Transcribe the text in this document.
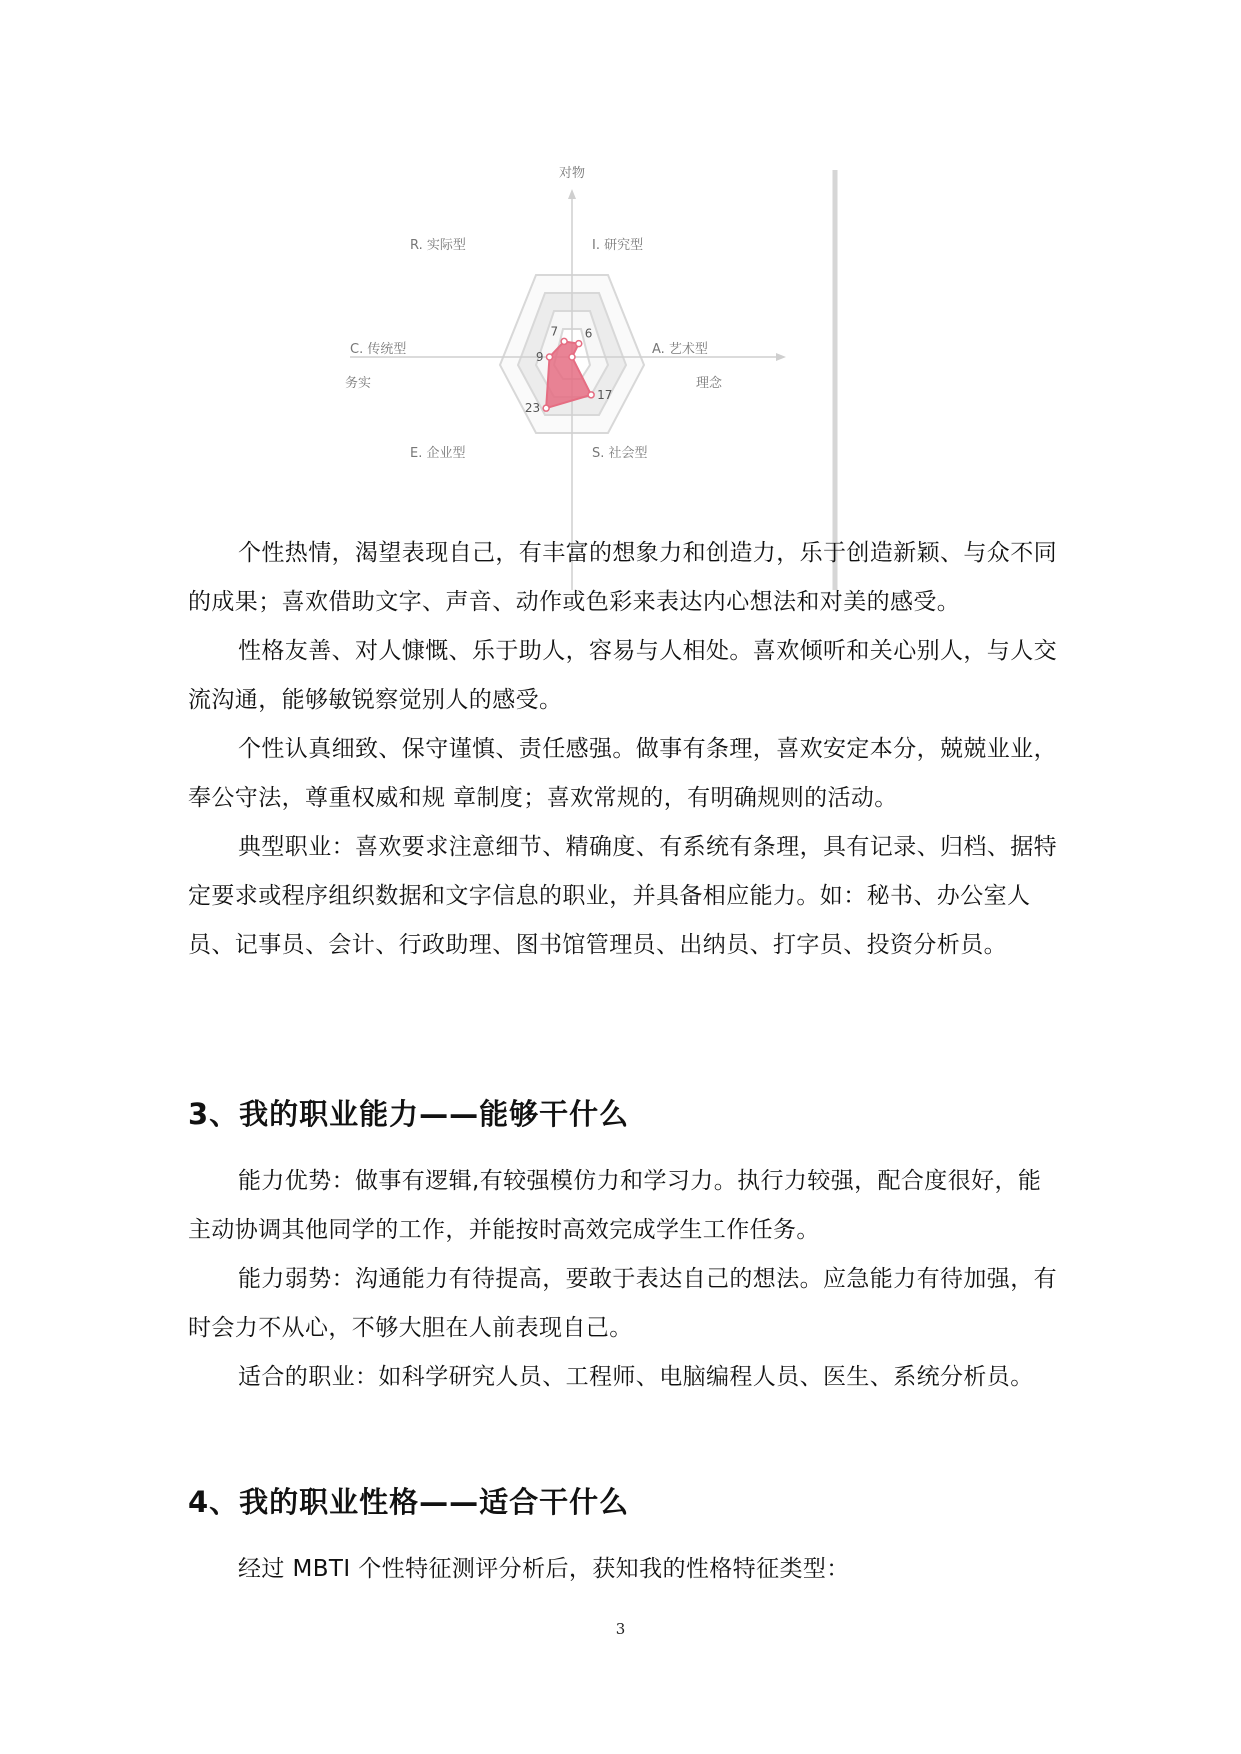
6
17
23
9
7
对物
务实	理念
I. 研究型
A. 艺术型
S. 社会型
E. 企业型
C. 传统型
R. 实际型

个性热情，渴望表现自己，有丰富的想象力和创造力，乐于创造新颖、与众不同的成果；喜欢借助文字、声音、动作或色彩来表达内心想法和对美的感受。

性格友善、对人慷慨、乐于助人，容易与人相处。喜欢倾听和关心别人，与人交流沟通，能够敏锐察觉别人的感受。

个性认真细致、保守谨慎、责任感强。做事有条理，喜欢安定本分，兢兢业业，奉公守法，尊重权威和规 章制度；喜欢常规的，有明确规则的活动。

典型职业：喜欢要求注意细节、精确度、有系统有条理，具有记录、归档、据特定要求或程序组织数据和文字信息的职业，并具备相应能力。如：秘书、办公室人员、记事员、会计、行政助理、图书馆管理员、出纳员、打字员、投资分析员。

3、我的职业能力——能够干什么

能力优势：做事有逻辑,有较强模仿力和学习力。执行力较强，配合度很好，能主动协调其他同学的工作，并能按时高效完成学生工作任务。

能力弱势：沟通能力有待提高，要敢于表达自己的想法。应急能力有待加强，有时会力不从心，不够大胆在人前表现自己。

适合的职业：如科学研究人员、工程师、电脑编程人员、医生、系统分析员。

4、我的职业性格——适合干什么

经过 MBTI 个性特征测评分析后，获知我的性格特征类型：

3
